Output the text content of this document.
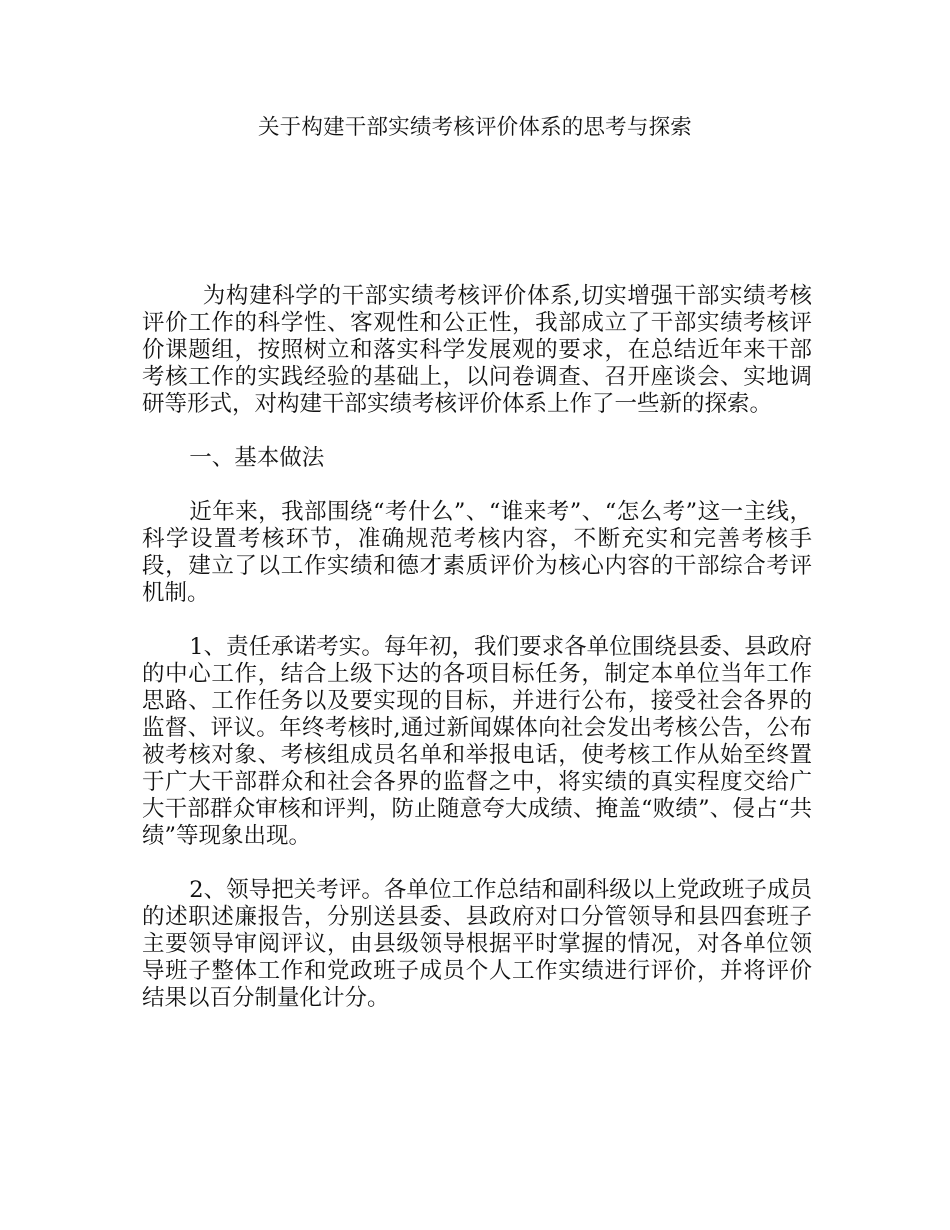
关于构建干部实绩考核评价体系的思考与探索

为构建科学的干部实绩考核评价体系,切实增强干部实绩考核评价工作的科学性、客观性和公正性，我部成立了干部实绩考核评价课题组，按照树立和落实科学发展观的要求，在总结近年来干部考核工作的实践经验的基础上，以问卷调查、召开座谈会、实地调研等形式，对构建干部实绩考核评价体系上作了一些新的探索。

一、基本做法

近年来，我部围绕“考什么”、“谁来考”、“怎么考”这一主线，科学设置考核环节，准确规范考核内容，不断充实和完善考核手段，建立了以工作实绩和德才素质评价为核心内容的干部综合考评机制。

1、责任承诺考实。每年初，我们要求各单位围绕县委、县政府的中心工作，结合上级下达的各项目标任务，制定本单位当年工作思路、工作任务以及要实现的目标，并进行公布，接受社会各界的监督、评议。年终考核时,通过新闻媒体向社会发出考核公告，公布被考核对象、考核组成员名单和举报电话，使考核工作从始至终置于广大干部群众和社会各界的监督之中，将实绩的真实程度交给广大干部群众审核和评判，防止随意夸大成绩、掩盖“败绩”、侵占“共绩”等现象出现。

2、领导把关考评。各单位工作总结和副科级以上党政班子成员的述职述廉报告，分别送县委、县政府对口分管领导和县四套班子主要领导审阅评议，由县级领导根据平时掌握的情况，对各单位领导班子整体工作和党政班子成员个人工作实绩进行评价，并将评价结果以百分制量化计分。
